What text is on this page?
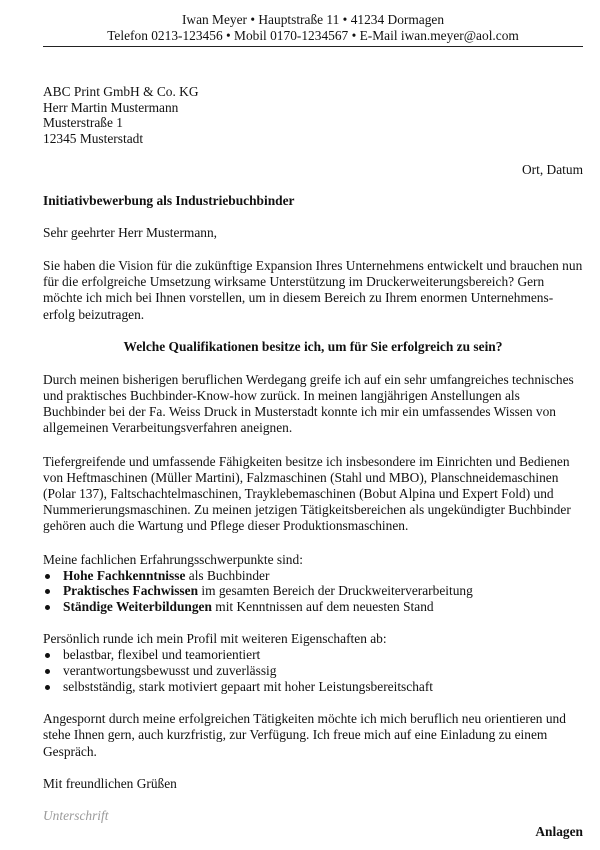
Iwan Meyer • Hauptstraße 11 • 41234 Dormagen
Telefon 0213-123456 • Mobil 0170-1234567 • E-Mail iwan.meyer@aol.com
ABC Print GmbH & Co. KG
Herr Martin Mustermann
Musterstraße 1
12345 Musterstadt
Ort, Datum
Initiativbewerbung als Industriebuchbinder
Sehr geehrter Herr Mustermann,

Sie haben die Vision für die zukünftige Expansion Ihres Unternehmens entwickelt und brauchen nun für die erfolgreiche Umsetzung wirksame Unterstützung im Druckerweiterungsbereich? Gern möchte ich mich bei Ihnen vorstellen, um in diesem Bereich zu Ihrem enormen Unternehmens-erfolg beizutragen.

Welche Qualifikationen besitze ich, um für Sie erfolgreich zu sein?

Durch meinen bisherigen beruflichen Werdegang greife ich auf ein sehr umfangreiches technisches und praktisches Buchbinder-Know-how zurück. In meinen langjährigen Anstellungen als Buchbinder bei der Fa. Weiss Druck in Musterstadt konnte ich mir ein umfassendes Wissen von allgemeinen Verarbeitungsverfahren aneignen.

Tiefergreifende und umfassende Fähigkeiten besitze ich insbesondere im Einrichten und Bedienen von Heftmaschinen (Müller Martini), Falzmaschinen (Stahl und MBO), Planschneidemaschinen (Polar 137), Faltschachtelmaschinen, Trayklebemaschinen (Bobut Alpina und Expert Fold) und Nummerierungsmaschinen. Zu meinen jetzigen Tätigkeitsbereichen als ungekündigter Buchbinder gehören auch die Wartung und Pflege dieser Produktionsmaschinen.

Meine fachlichen Erfahrungsschwerpunkte sind:
Hohe Fachkenntnisse als Buchbinder
Praktisches Fachwissen im gesamten Bereich der Druckweiterverarbeitung
Ständige Weiterbildungen mit Kenntnissen auf dem neuesten Stand
Persönlich runde ich mein Profil mit weiteren Eigenschaften ab:
belastbar, flexibel und teamorientiert
verantwortungsbewusst und zuverlässig
selbstständig, stark motiviert gepaart mit hoher Leistungsbereitschaft

Angespornt durch meine erfolgreichen Tätigkeiten möchte ich mich beruflich neu orientieren und stehe Ihnen gern, auch kurzfristig, zur Verfügung. Ich freue mich auf eine Einladung zu einem Gespräch.

Mit freundlichen Grüßen
Unterschrift
Anlagen
